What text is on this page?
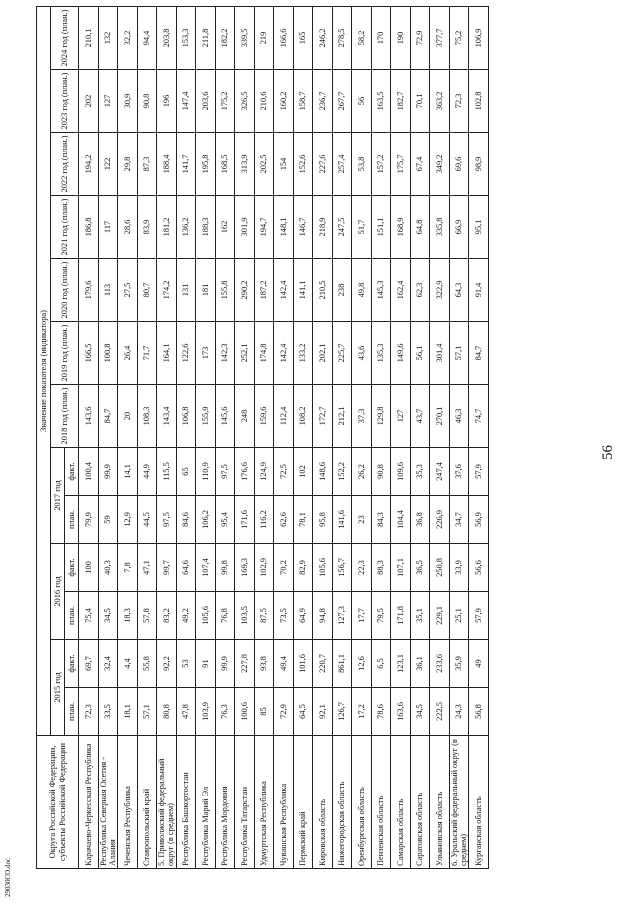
29030CO.doc
Округа Российской Федерации, субъекты Российской Федерации	Значение показателя (индикатора)												
	2015 год		2016 год		2017 год		2018 год (план.)	2019 год (план.)	2020 год (план.)	2021 год (план.)	2022 год (план.)	2023 год (план.)	2024 год (план.)
	план.	факт.	план.	факт.	план.	факт.							
Карачаево-Черкесская Республика	72,3	69,7	75,4	100	79,9	100,4	143,6	166,5	179,6	186,8	194,2	202	210,1
Республика Северная Осетия - Алания	33,5	32,4	34,5	40,3	59	99,9	84,7	100,8	113	117	122	127	132
Чеченская Республика	18,1	4,4	18,3	7,8	12,9	14,1	20	26,4	27,5	28,6	29,8	30,9	32,2
Ставропольский край	57,1	55,8	57,8	47,1	44,5	44,9	108,3	71,7	80,7	83,9	87,3	90,8	94,4
5. Приволжский федеральный округ (в среднем)	80,8	92,2	83,2	99,7	97,5	115,5	143,4	164,1	174,2	181,2	188,4	196	203,8
Республика Башкортостан	47,8	53	49,2	64,6	84,6	65	106,8	122,6	131	136,2	141,7	147,4	153,3
Республика Марий Эл	103,9	91	105,6	107,4	106,2	110,9	155,9	173	181	188,3	195,8	203,6	211,8
Республика Мордовия	76,3	99,9	76,8	99,8	95,4	97,5	145,6	142,3	155,8	162	168,5	175,2	182,2
Республика Татарстан	100,6	227,8	103,5	169,3	171,6	176,6	248	252,1	290,2	301,9	313,9	326,5	339,5
Удмуртская Республика	85	93,8	87,5	102,9	116,2	124,9	159,6	174,8	187,2	194,7	202,5	210,6	219
Чувашская Республика	72,9	49,4	73,5	70,2	62,6	72,5	112,4	142,4	142,4	148,1	154	160,2	166,6
Пермский край	64,5	101,6	64,9	82,9	78,1	102	108,2	133,2	141,1	146,7	152,6	158,7	165
Кировская область	92,1	220,7	94,8	105,6	95,8	148,6	172,7	202,1	210,5	218,9	227,6	236,7	246,2
Нижегородская область	126,7	861,1	127,3	156,7	141,6	152,2	212,1	225,7	238	247,5	257,4	267,7	278,5
Оренбургская область	17,2	12,6	17,7	22,3	23	26,2	37,3	43,6	49,8	51,7	53,8	56	58,2
Пензенская область	78,6	6,5	79,5	88,3	84,3	90,8	129,8	135,3	145,3	151,1	157,2	163,5	170
Самарская область	163,6	123,1	171,8	107,1	104,4	109,6	127	149,6	162,4	168,9	175,7	182,7	190
Саратовская область	34,5	36,1	35,1	36,5	36,8	35,3	43,7	56,1	62,3	64,8	67,4	70,1	72,9
Ульяновская область	222,5	233,6	229,1	250,8	226,9	247,4	270,1	301,4	322,9	335,8	349,2	363,2	377,7
6. Уральский федеральный округ (в среднем)	24,3	35,9	25,1	33,9	34,7	37,6	46,3	57,1	64,3	66,9	69,6	72,3	75,2
Курганская область	56,8	49	57,9	56,6	56,9	57,9	74,7	84,7	91,4	95,1	98,9	102,8	106,9
56
